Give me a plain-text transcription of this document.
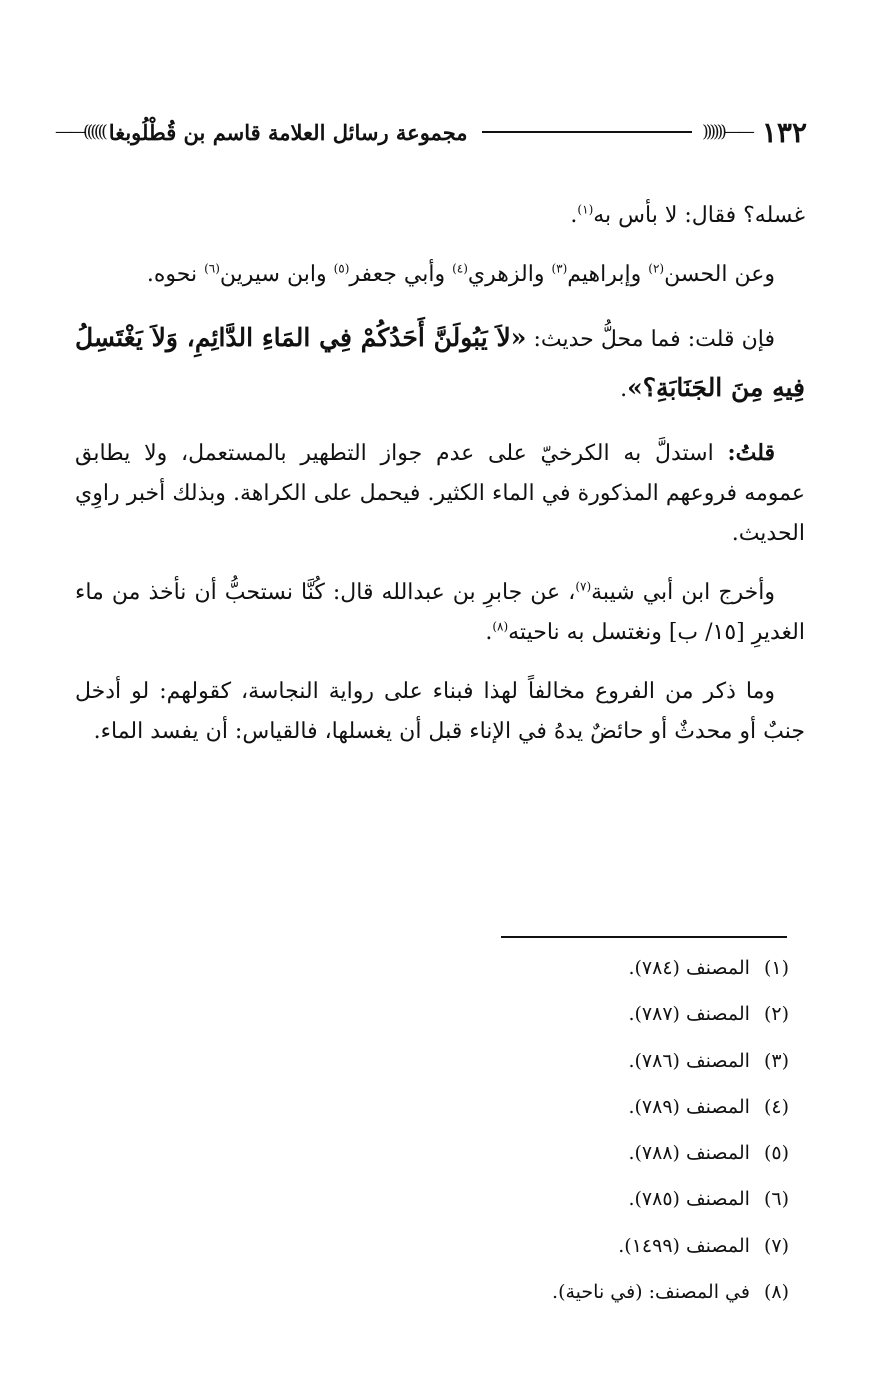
١٣٢
——((((((
مجموعة رسائل العلامة قاسم بن قُطْلُوبغا
))))))——

غسله؟ فقال: لا بأس به$^{(١)}$.

وعن الحسن$^{(٢)}$ وإبراهيم$^{(٣)}$ والزهري$^{(٤)}$ وأبي جعفر$^{(٥)}$ وابن سيرين$^{(٦)}$ نحوه.

فإن قلت: فما محلُّ حديث: «لاَ يَبُولَنَّ أَحَدُكُمْ فِي المَاءِ الدَّائِمِ، وَلاَ يَغْتَسِلُ فِيهِ مِنَ الجَنَابَةِ؟».

قلتُ: استدلَّ به الكرخيّ على عدم جواز التطهير بالمستعمل، ولا يطابق عمومه فروعهم المذكورة في الماء الكثير. فيحمل على الكراهة. وبذلك أخبر راوِي الحديث.

وأخرج ابن أبي شيبة$^{(٧)}$، عن جابرِ بن عبدالله قال: كُنَّا نستحبُّ أن نأخذ من ماء الغديرِ [١٥/ ب] ونغتسل به ناحيته$^{(٨)}$.

وما ذكر من الفروع مخالفاً لهذا فبناء على رواية النجاسة، كقولهم: لو أدخل جنبٌ أو محدثٌ أو حائضٌ يدهُ في الإناء قبل أن يغسلها، فالقياس: أن يفسد الماء.

(١)المصنف (٧٨٤).
(٢)المصنف (٧٨٧).
(٣)المصنف (٧٨٦).
(٤)المصنف (٧٨٩).
(٥)المصنف (٧٨٨).
(٦)المصنف (٧٨٥).
(٧)المصنف (١٤٩٩).
(٨)في المصنف: (في ناحية).
